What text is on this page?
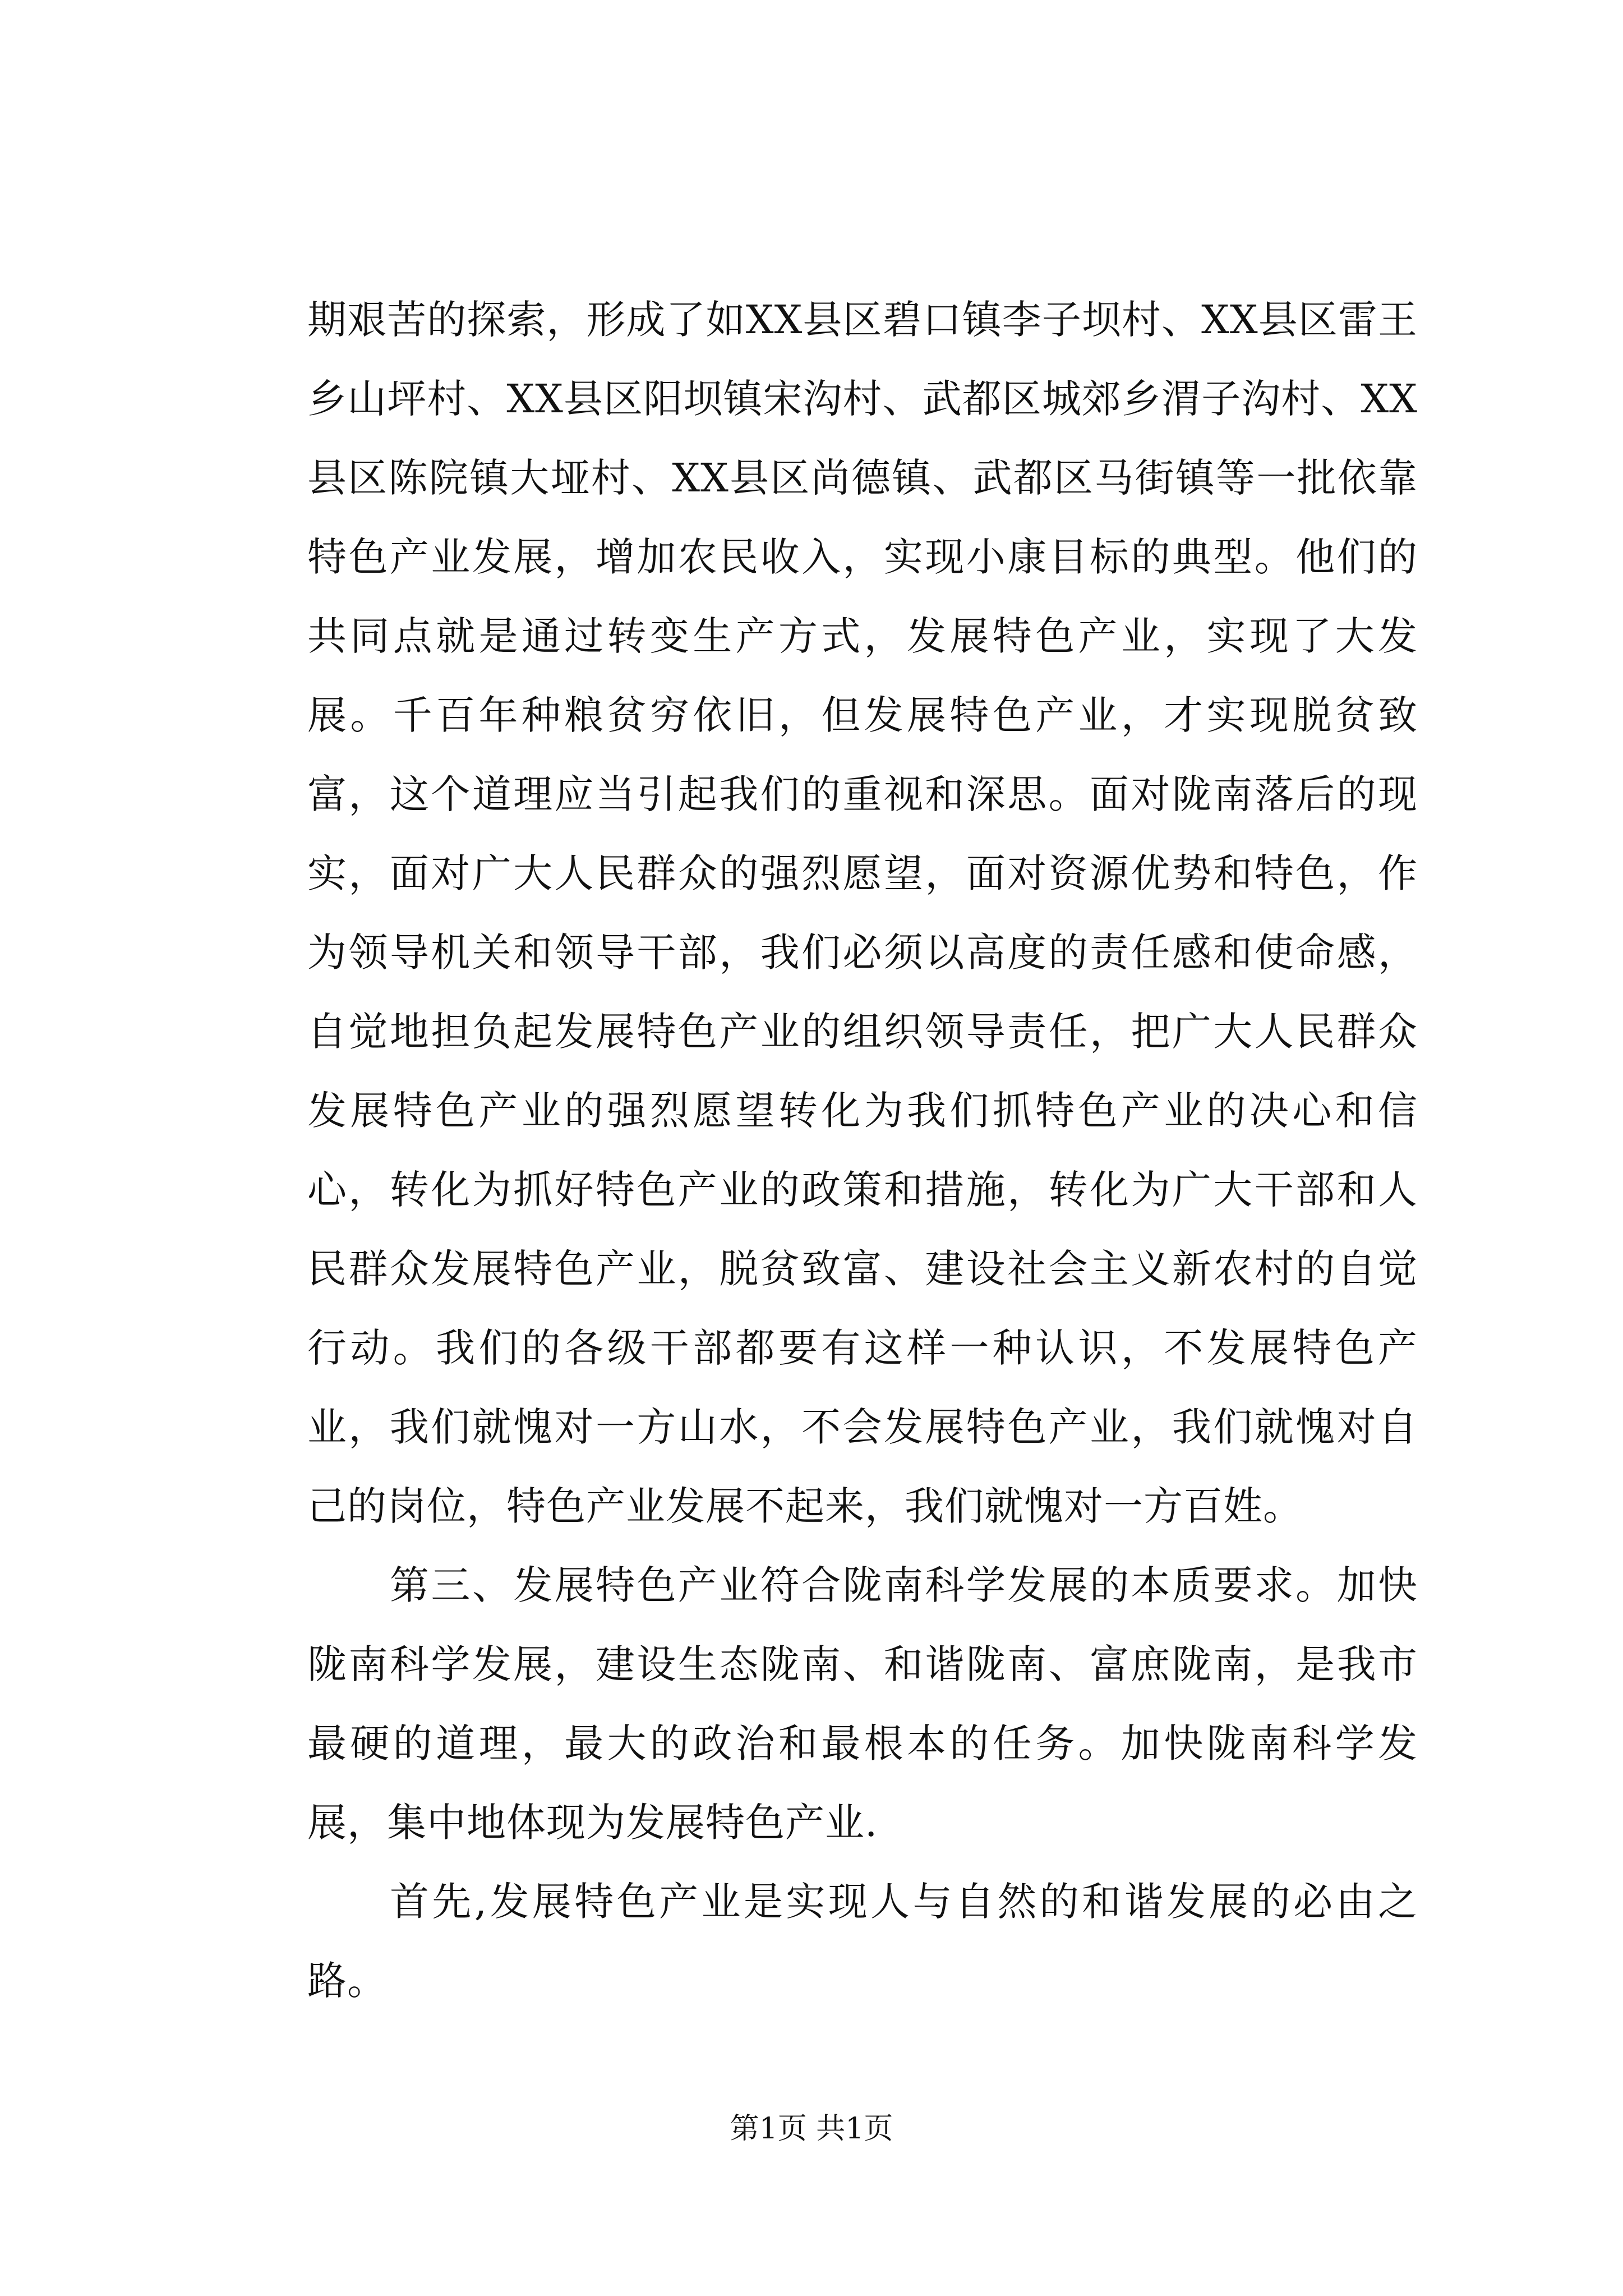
期艰苦的探索，形成了如XX县区碧口镇李子坝村、XX县区雷王乡山坪村、XX县区阳坝镇宋沟村、武都区城郊乡渭子沟村、XX县区陈院镇大垭村、XX县区尚德镇、武都区马街镇等一批依靠特色产业发展，增加农民收入，实现小康目标的典型。他们的共同点就是通过转变生产方式，发展特色产业，实现了大发展。千百年种粮贫穷依旧，但发展特色产业，才实现脱贫致富，这个道理应当引起我们的重视和深思。面对陇南落后的现实，面对广大人民群众的强烈愿望，面对资源优势和特色，作为领导机关和领导干部，我们必须以高度的责任感和使命感，自觉地担负起发展特色产业的组织领导责任，把广大人民群众发展特色产业的强烈愿望转化为我们抓特色产业的决心和信心，转化为抓好特色产业的政策和措施，转化为广大干部和人民群众发展特色产业，脱贫致富、建设社会主义新农村的自觉行动。我们的各级干部都要有这样一种认识，不发展特色产业，我们就愧对一方山水，不会发展特色产业，我们就愧对自己的岗位，特色产业发展不起来，我们就愧对一方百姓。

第三、发展特色产业符合陇南科学发展的本质要求。加快陇南科学发展，建设生态陇南、和谐陇南、富庶陇南，是我市最硬的道理，最大的政治和最根本的任务。加快陇南科学发展，集中地体现为发展特色产业.

首先,发展特色产业是实现人与自然的和谐发展的必由之路。

第1页 共1页
